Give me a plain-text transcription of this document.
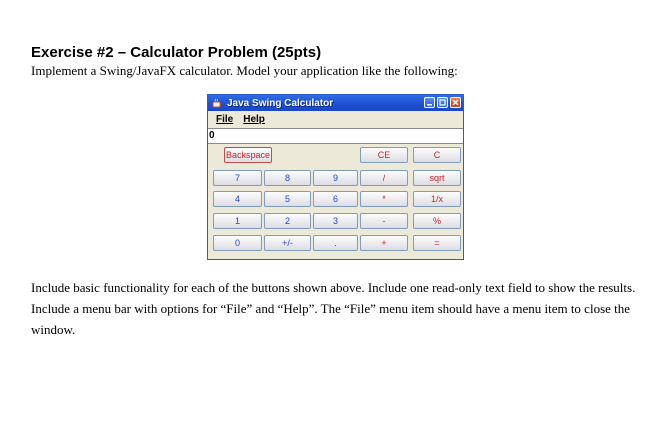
Exercise #2 – Calculator Problem (25pts)
Implement a Swing/JavaFX calculator. Model your application like the following:
Java Swing Calculator
File Help
0
Backspace	CE	C
7	8	9	/	sqrt
4	5	6	*	1/x
1	2	3	-	%
0	+/-	.	+	=
Include basic functionality for each of the buttons shown above. Include one read-only text field to show the results. Include a menu bar with options for “File” and “Help”. The “File” menu item should have a menu item to close the window.
